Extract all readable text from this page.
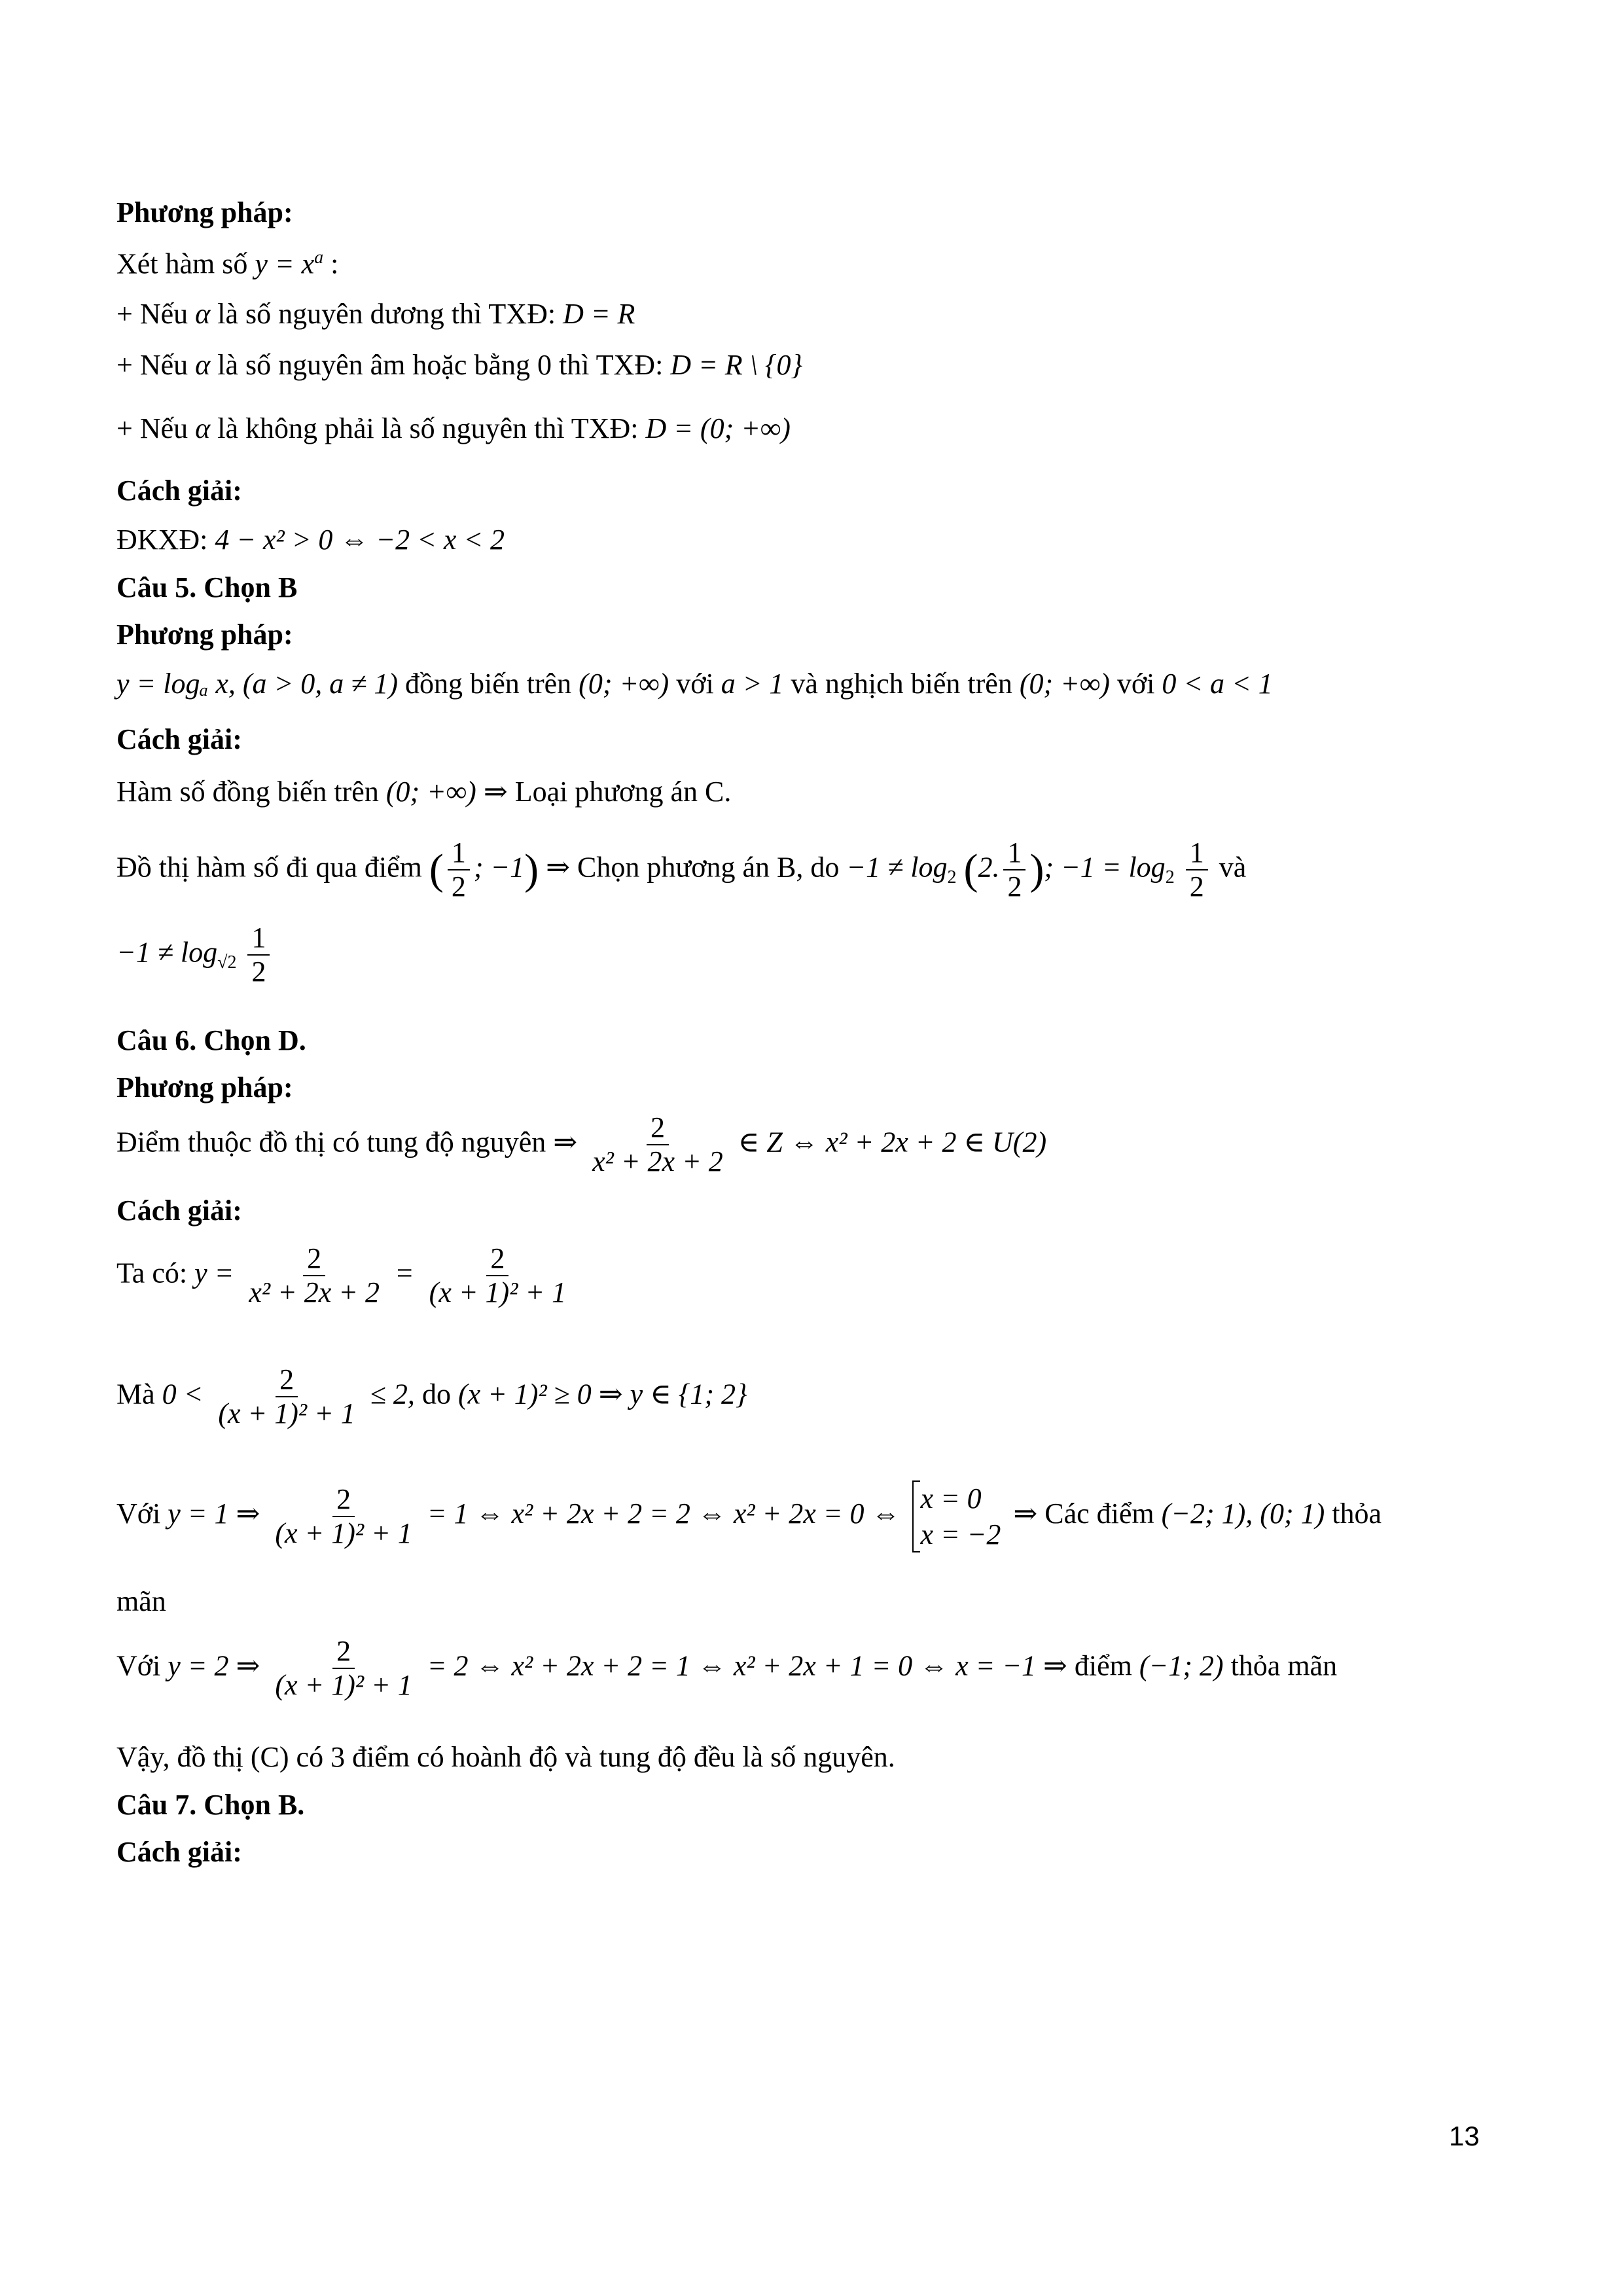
Phương pháp:
Xét hàm số $y = x^a$ :
+ Nếu α là số nguyên dương thì TXĐ: D = R
+ Nếu α là số nguyên âm hoặc bằng 0 thì TXĐ: D = R \ {0}
+ Nếu α là không phải là số nguyên thì TXĐ: D = (0; +∞)
Cách giải:
ĐKXĐ: 4 − x² > 0 ⇔ −2 < x < 2
Câu 5. Chọn B
Phương pháp:
y = logₐ x, (a > 0, a ≠ 1) đồng biến trên (0; +∞) với a > 1 và nghịch biến trên (0; +∞) với 0 < a < 1
Cách giải:
Hàm số đồng biến trên (0; +∞) ⇒ Loại phương án C.
Đồ thị hàm số đi qua điểm ( $\frac{1}{2}$ ; −1) ⇒ Chọn phương án B, do $-1 \ne \log_2 (2$. $\frac{1}{2}$ ); $-1 = \log_2 \frac{1}{2}$ và
$-1 \ne \log_{√2} \frac{1}{2}$
Câu 6. Chọn D.
Phương pháp:
Điểm thuộc đồ thị có tung độ nguyên ⇒ $\frac{2}{\text{x² + 2x + 2}}$ ∈ Z ⇔ x² + 2x + 2 ∈ U(2)
Cách giải:
Ta có: $y = \frac{2}{\text{x² + 2x + 2}} = \frac{2}{\text{(x + 1)² + 1}}$
Mà $0 < \frac{2}{\text{(x + 1)² + 1}} \le 2$, do (x + 1)² ≥ 0 ⇒ y ∈ {1; 2}
Với y = 1 ⇒ $\frac{2}{\text{(x + 1)² + 1}} = 1$ ⇔ x² + 2x + 2 = 2 ⇔ x² + 2x = 0 ⇔ x = 0
x = −2
⇒ Các điểm (−2; 1), (0; 1) thỏa
mãn
Với y = 2 ⇒ $\frac{2}{\text{(x + 1)² + 1}} = 2$ ⇔ x² + 2x + 2 = 1 ⇔ x² + 2x + 1 = 0 ⇔ x = −1 ⇒ điểm (−1; 2) thỏa mãn
Vậy, đồ thị (C) có 3 điểm có hoành độ và tung độ đều là số nguyên.
Câu 7. Chọn B.
Cách giải:
13
